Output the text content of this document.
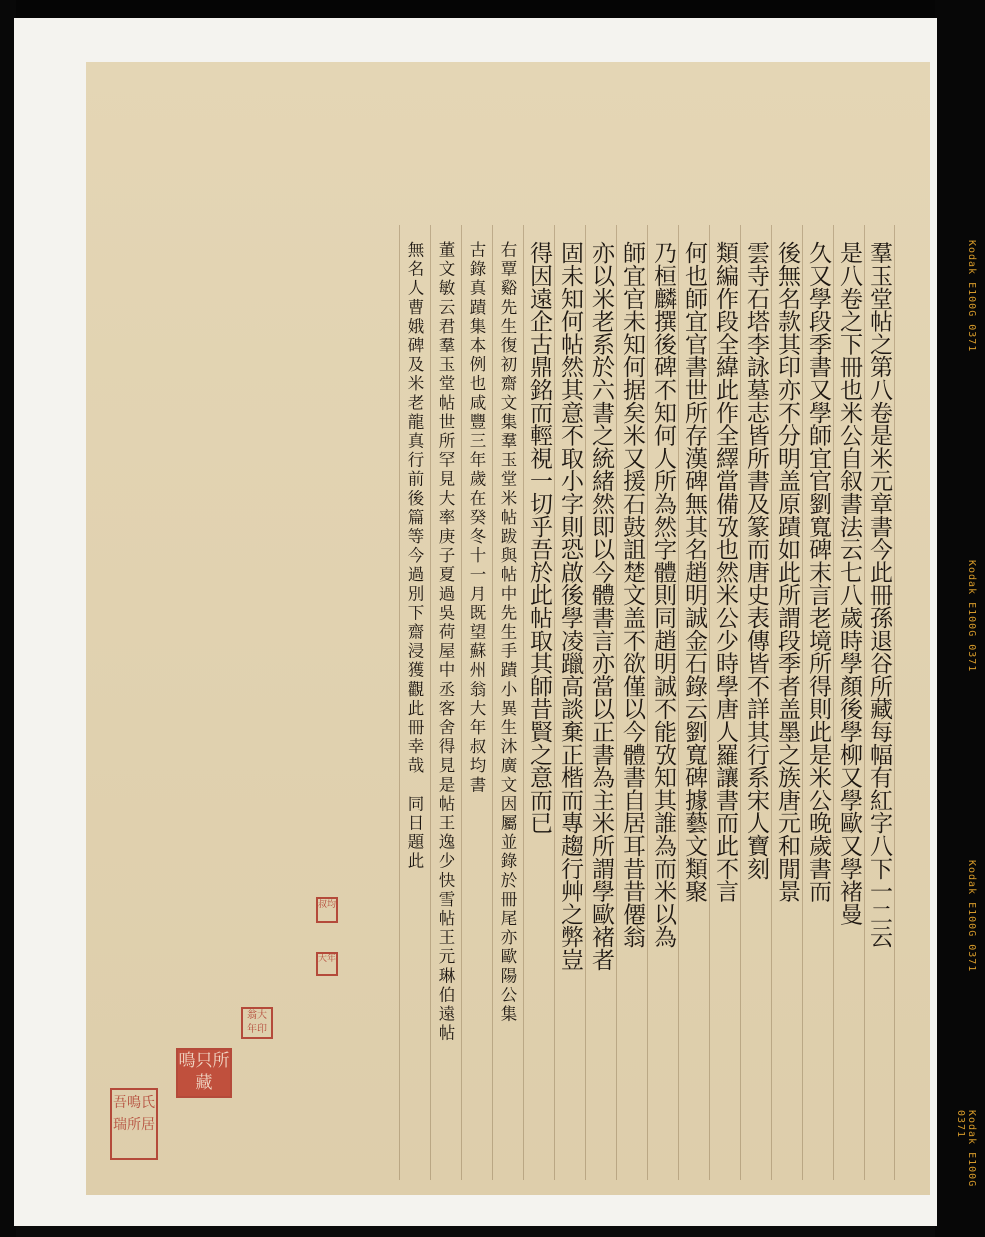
Kodak E100G 0371
Kodak E100G 0371
Kodak E100G 0371
Kodak E100G 0371
羣玉堂帖之第八卷是米元章書今此冊孫退谷所藏每幅有紅字八下一二云
是八卷之下冊也米公自叙書法云七八歲時學顏後學柳又學歐又學褚曼
久又學段季書又學師宜官劉寬碑末言老境所得則此是米公晚歲書而
後無名款其印亦不分明盖原蹟如此所謂段季者盖墨之族唐元和閒景
雲寺石塔李詠墓志皆所書及篆而唐史表傳皆不詳其行系宋人寶刻
類編作段全緯此作全繹當備攷也然米公少時學唐人羅讓書而此不言
何也師宜官書世所存漢碑無其名趙明誠金石錄云劉寬碑據藝文類聚
乃桓麟撰後碑不知何人所為然字體則同趙明誠不能攷知其誰為而米以為
師宜官未知何据矣米又援石鼓詛楚文盖不欲僅以今體書自居耳昔昔僊翁
亦以米老系於六書之統緒然即以今體書言亦當以正書為主米所謂學歐褚者
固未知何帖然其意不取小字則恐啟後學凌躐高談棄正楷而專趨行艸之弊豈
得因遠企古鼎銘而輕視一切乎吾於此帖取其師昔賢之意而已
右覃谿先生復初齋文集羣玉堂米帖跋與帖中先生手蹟小異生沐廣文因屬並錄於冊尾亦歐陽公集
古錄真蹟集本例也咸豐三年歲在癸冬十一月既望蘇州翁大年叔均書
董文敏云君羣玉堂帖世所罕見大率庚子夏過吳荷屋中丞客舍得見是帖王逸少快雪帖王元琳伯遠帖
無名人曹娥碑及米老龍真行前後篇等今過別下齋浸獲觀此冊幸哉　同日題此
叔均
大年
翁大年印
鳴只所藏
吾鳴氏瑞所居
